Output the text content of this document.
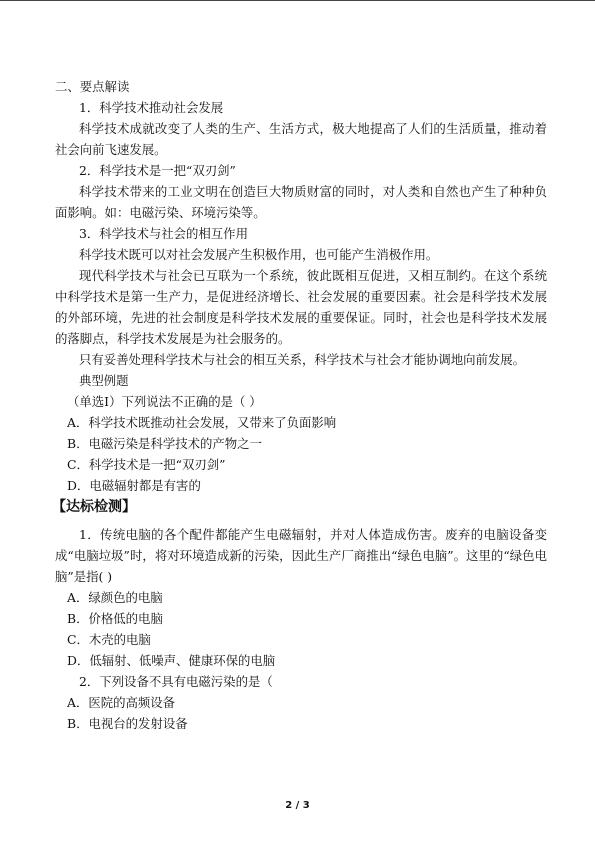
二、要点解读

1．科学技术推动社会发展

科学技术成就改变了人类的生产、生活方式，极大地提高了人们的生活质量，推动着社会向前飞速发展。

2．科学技术是一把“双刃剑”

科学技术带来的工业文明在创造巨大物质财富的同时，对人类和自然也产生了种种负面影响。如：电磁污染、环境污染等。

3．科学技术与社会的相互作用

科学技术既可以对社会发展产生积极作用，也可能产生消极作用。

现代科学技术与社会已互联为一个系统，彼此既相互促进，又相互制约。在这个系统中科学技术是第一生产力，是促进经济增长、社会发展的重要因素。社会是科学技术发展的外部环境，先进的社会制度是科学技术发展的重要保证。同时，社会也是科学技术发展的落脚点，科学技术发展是为社会服务的。

只有妥善处理科学技术与社会的相互关系，科学技术与社会才能协调地向前发展。

典型例题

（单选Ⅰ）下列说法不正确的是（ ）

A．科学技术既推动社会发展，又带来了负面影响

B．电磁污染是科学技术的产物之一

C．科学技术是一把“双刃剑”

D．电磁辐射都是有害的

【达标检测】

1．传统电脑的各个配件都能产生电磁辐射，并对人体造成伤害。废弃的电脑设备变成“电脑垃圾”时，将对环境造成新的污染，因此生产厂商推出“绿色电脑”。这里的“绿色电脑”是指( )

A．绿颜色的电脑

B．价格低的电脑

C．木壳的电脑

D．低辐射、低噪声、健康环保的电脑

2．下列设备不具有电磁污染的是（

A．医院的高频设备

B．电视台的发射设备

2 / 3
